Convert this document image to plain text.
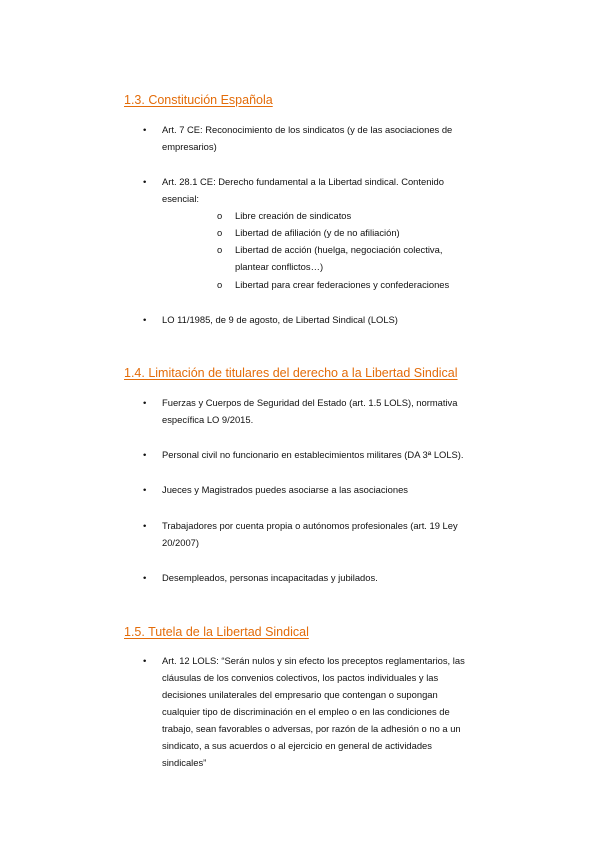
1.3. Constitución Española
• Art. 7 CE: Reconocimiento de los sindicatos (y de las asociaciones de
empresarios)
• Art. 28.1 CE: Derecho fundamental a la Libertad sindical. Contenido
esencial:
o Libre creación de sindicatos
o Libertad de afiliación (y de no afiliación)
o Libertad de acción (huelga, negociación colectiva,
plantear conflictos…)
o Libertad para crear federaciones y confederaciones
• LO 11/1985, de 9 de agosto, de Libertad Sindical (LOLS)
1.4. Limitación de titulares del derecho a la Libertad Sindical
• Fuerzas y Cuerpos de Seguridad del Estado (art. 1.5 LOLS), normativa
específica LO 9/2015.
• Personal civil no funcionario en establecimientos militares (DA 3ª LOLS).
• Jueces y Magistrados puedes asociarse a las asociaciones
• Trabajadores por cuenta propia o autónomos profesionales (art. 19 Ley
20/2007)
• Desempleados, personas incapacitadas y jubilados.
1.5. Tutela de la Libertad Sindical
• Art. 12 LOLS: “Serán nulos y sin efecto los preceptos reglamentarios, las
cláusulas de los convenios colectivos, los pactos individuales y las
decisiones unilaterales del empresario que contengan o supongan
cualquier tipo de discriminación en el empleo o en las condiciones de
trabajo, sean favorables o adversas, por razón de la adhesión o no a un
sindicato, a sus acuerdos o al ejercicio en general de actividades
sindicales”
